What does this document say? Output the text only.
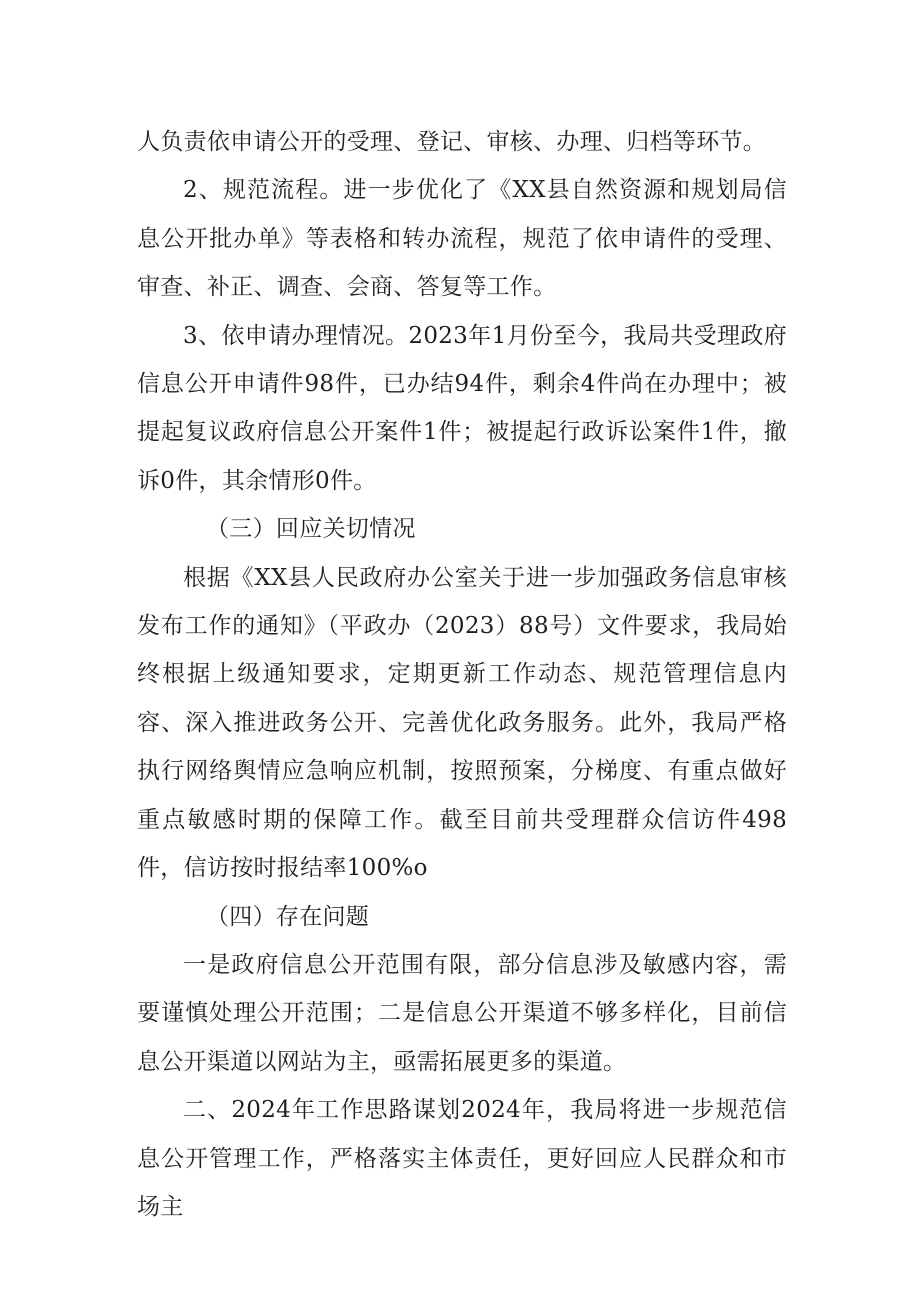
人负责依申请公开的受理、登记、审核、办理、归档等环节。

2、规范流程。进一步优化了《XX县自然资源和规划局信息公开批办单》等表格和转办流程，规范了依申请件的受理、审查、补正、调查、会商、答复等工作。

3、依申请办理情况。2023年1月份至今，我局共受理政府信息公开申请件98件，已办结94件，剩余4件尚在办理中；被提起复议政府信息公开案件1件；被提起行政诉讼案件1件，撤诉0件，其余情形0件。

（三）回应关切情况

根据《XX县人民政府办公室关于进一步加强政务信息审核发布工作的通知》（平政办（2023）88号）文件要求，我局始终根据上级通知要求，定期更新工作动态、规范管理信息内容、深入推进政务公开、完善优化政务服务。此外，我局严格执行网络舆情应急响应机制，按照预案，分梯度、有重点做好重点敏感时期的保障工作。截至目前共受理群众信访件498件，信访按时报结率100%o

（四）存在问题

一是政府信息公开范围有限，部分信息涉及敏感内容，需要谨慎处理公开范围；二是信息公开渠道不够多样化，目前信息公开渠道以网站为主，亟需拓展更多的渠道。

二、2024年工作思路谋划2024年，我局将进一步规范信息公开管理工作，严格落实主体责任，更好回应人民群众和市场主
